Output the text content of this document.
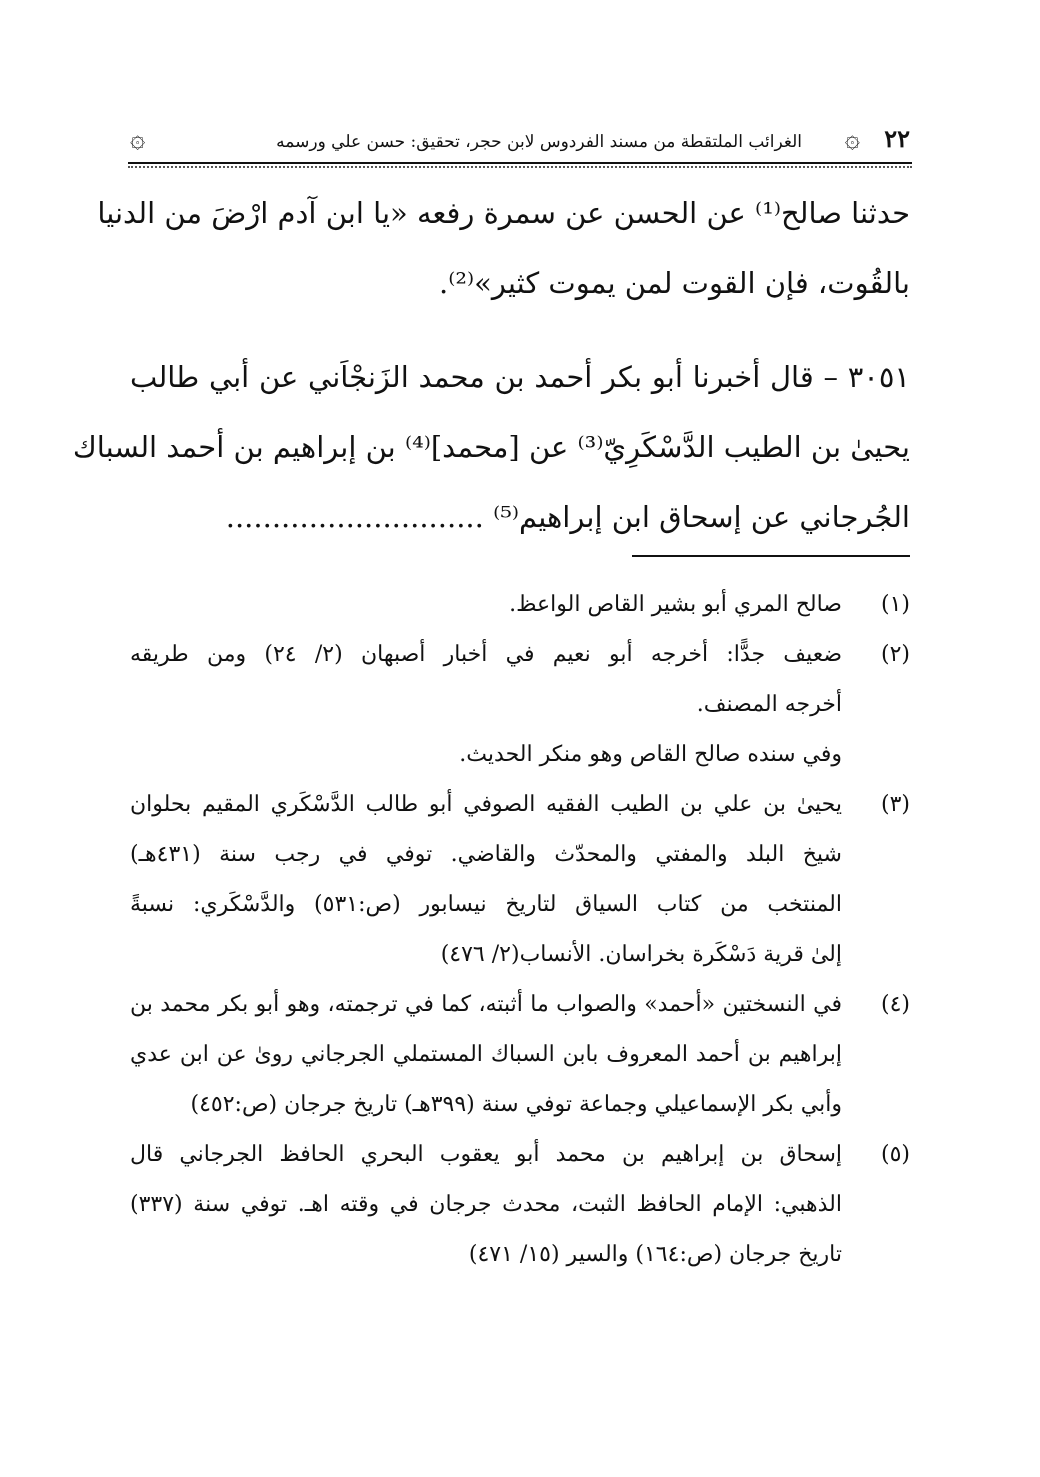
٢٢
۞
الغرائب الملتقطة من مسند الفردوس لابن حجر، تحقيق: حسن علي ورسمه
۞
حدثنا صالح⁽¹⁾ عن الحسن عن سمرة رفعه «يا ابن آدم ارْضَ من الدنيا
بالقُوت، فإن القوت لمن يموت كثير»⁽²⁾.
٣٠٥١ – قال أخبرنا أبو بكر أحمد بن محمد الزَنجْاَني عن أبي طالب
يحيىٰ بن الطيب الدَّسْكَرِيّ⁽³⁾ عن [محمد]⁽⁴⁾ بن إبراهيم بن أحمد السباك
الجُرجاني عن إسحاق ابن إبراهيم⁽⁵⁾ ............................
(١)
صالح المري أبو بشير القاص الواعظ.
(٢)
ضعيف جدًّا: أخرجه أبو نعيم في أخبار أصبهان (٢/ ٢٤) ومن طريقه
أخرجه المصنف.
وفي سنده صالح القاص وهو منكر الحديث.
(٣)
يحيىٰ بن علي بن الطيب الفقيه الصوفي أبو طالب الدَّسْكَري المقيم بحلوان
شيخ البلد والمفتي والمحدّث والقاضي. توفي في رجب سنة (٤٣١هـ)
المنتخب من كتاب السياق لتاريخ نيسابور (ص:٥٣١) والدَّسْكَري: نسبةً
إلىٰ قرية دَسْكَرة بخراسان. الأنساب(٢/ ٤٧٦)
(٤)
في النسختين «أحمد» والصواب ما أثبته، كما في ترجمته، وهو أبو بكر محمد بن
إبراهيم بن أحمد المعروف بابن السباك المستملي الجرجاني روىٰ عن ابن عدي
وأبي بكر الإسماعيلي وجماعة توفي سنة (٣٩٩هـ) تاريخ جرجان (ص:٤٥٢)
(٥)
إسحاق بن إبراهيم بن محمد أبو يعقوب البحري الحافظ الجرجاني قال
الذهبي: الإمام الحافظ الثبت، محدث جرجان في وقته اهـ. توفي سنة (٣٣٧)
تاريخ جرجان (ص:١٦٤) والسير (١٥/ ٤٧١)
